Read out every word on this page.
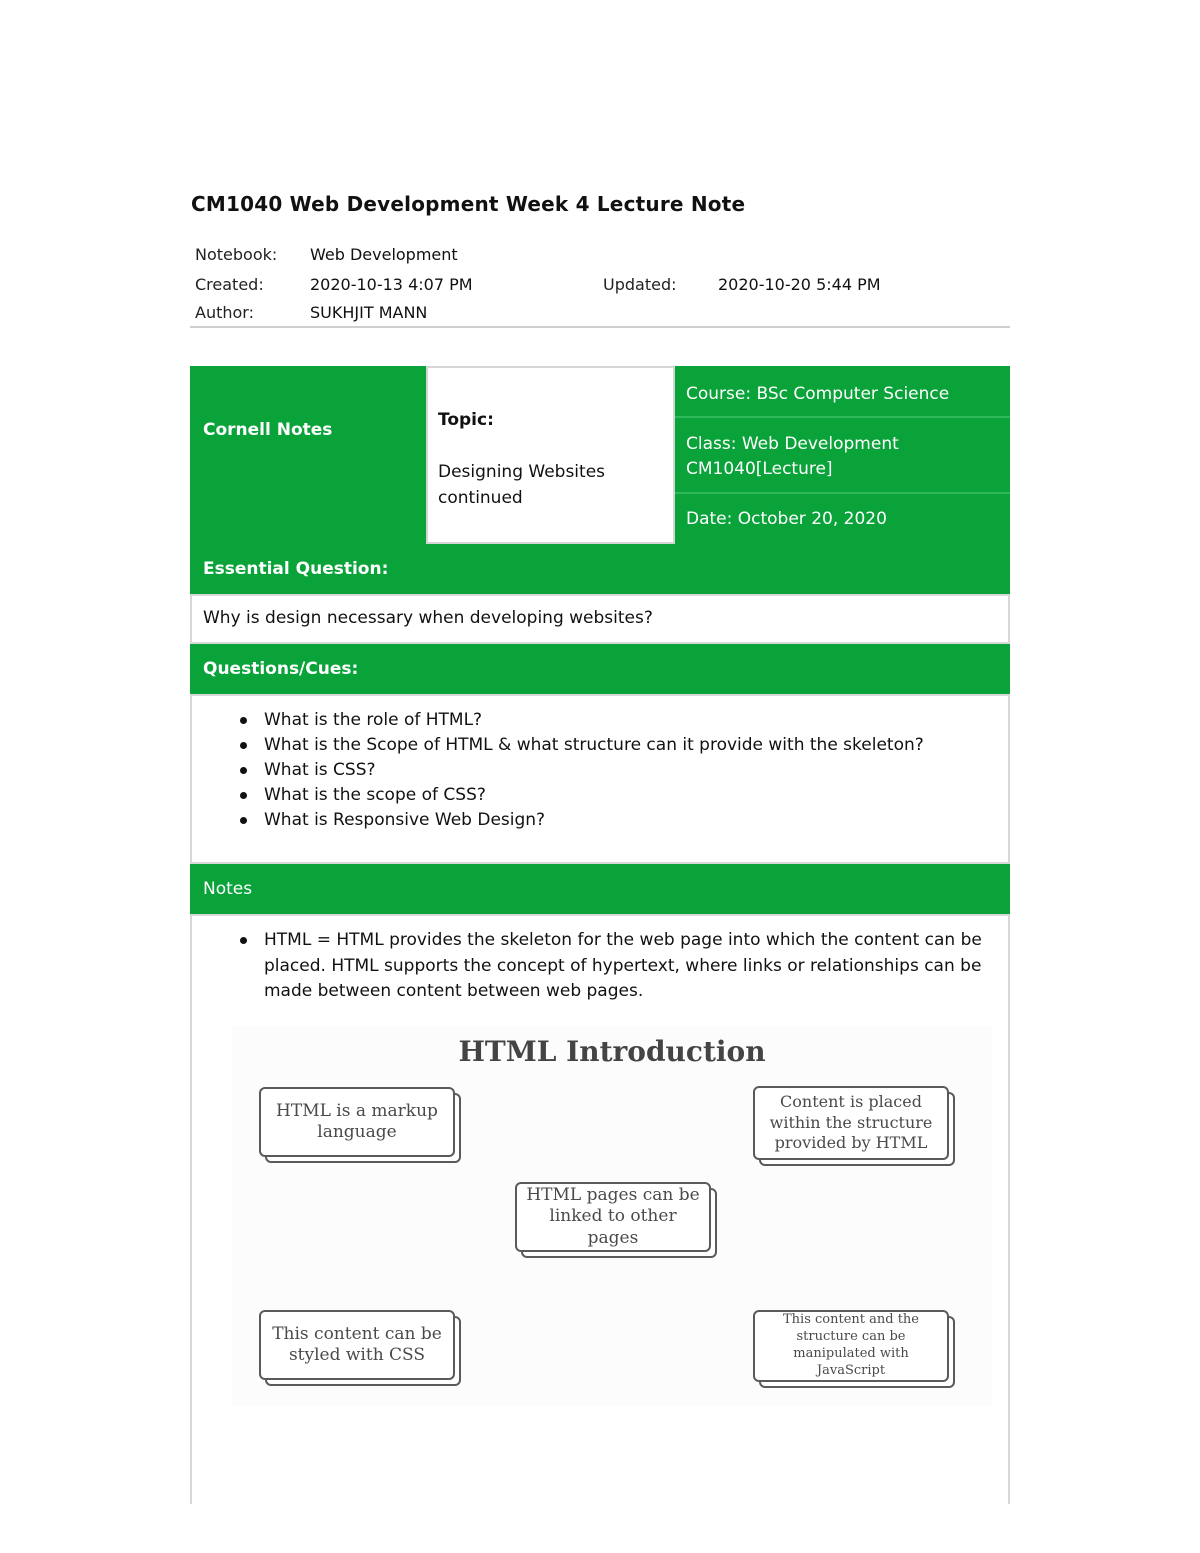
CM1040 Web Development Week 4 Lecture Note
Notebook: Web Development
Created:	2020-10-13 4:07 PM	Updated:	2020-10-20 5:44 PM
Author:	SUKHJIT MANN
Cornell Notes	Topic:
Designing Websites continued
Course: BSc Computer Science
Class: Web Development
CM1040[Lecture]
Date: October 20, 2020
Essential Question:
Why is design necessary when developing websites?
Questions/Cues:
What is the role of HTML?
What is the Scope of HTML & what structure can it provide with the skeleton?
What is CSS?
What is the scope of CSS?
What is Responsive Web Design?
Notes
HTML = HTML provides the skeleton for the web page into which the content can be placed. HTML supports the concept of hypertext, where links or relationships can be made between content between web pages.
HTML Introduction
HTML is a markup language
Content is placed within the structure provided by HTML
HTML pages can be linked to other pages
This content can be styled with CSS
This content and the structure can be manipulated with JavaScript
